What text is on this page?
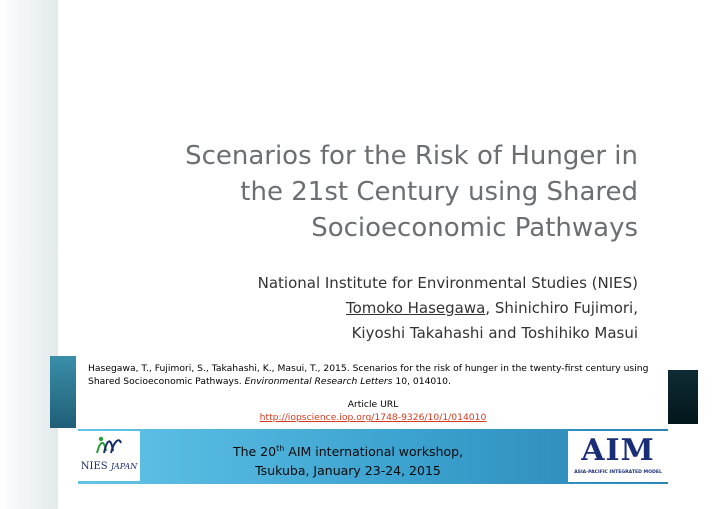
Scenarios for the Risk of Hunger in
the 21st Century using Shared
Socioeconomic Pathways
National Institute for Environmental Studies (NIES)
Tomoko Hasegawa, Shinichiro Fujimori,
Kiyoshi Takahashi and Toshihiko Masui
Hasegawa, T., Fujimori, S., Takahashi, K., Masui, T., 2015. Scenarios for the risk of hunger in the twenty-first century using Shared Socioeconomic Pathways. Environmental Research Letters 10, 014010.
Article URL
http://iopscience.iop.org/1748-9326/10/1/014010
NIES JAPAN
The 20th AIM international workshop,
Tsukuba, January 23-24, 2015
AIM
ASIA-PACIFIC INTEGRATED MODEL
